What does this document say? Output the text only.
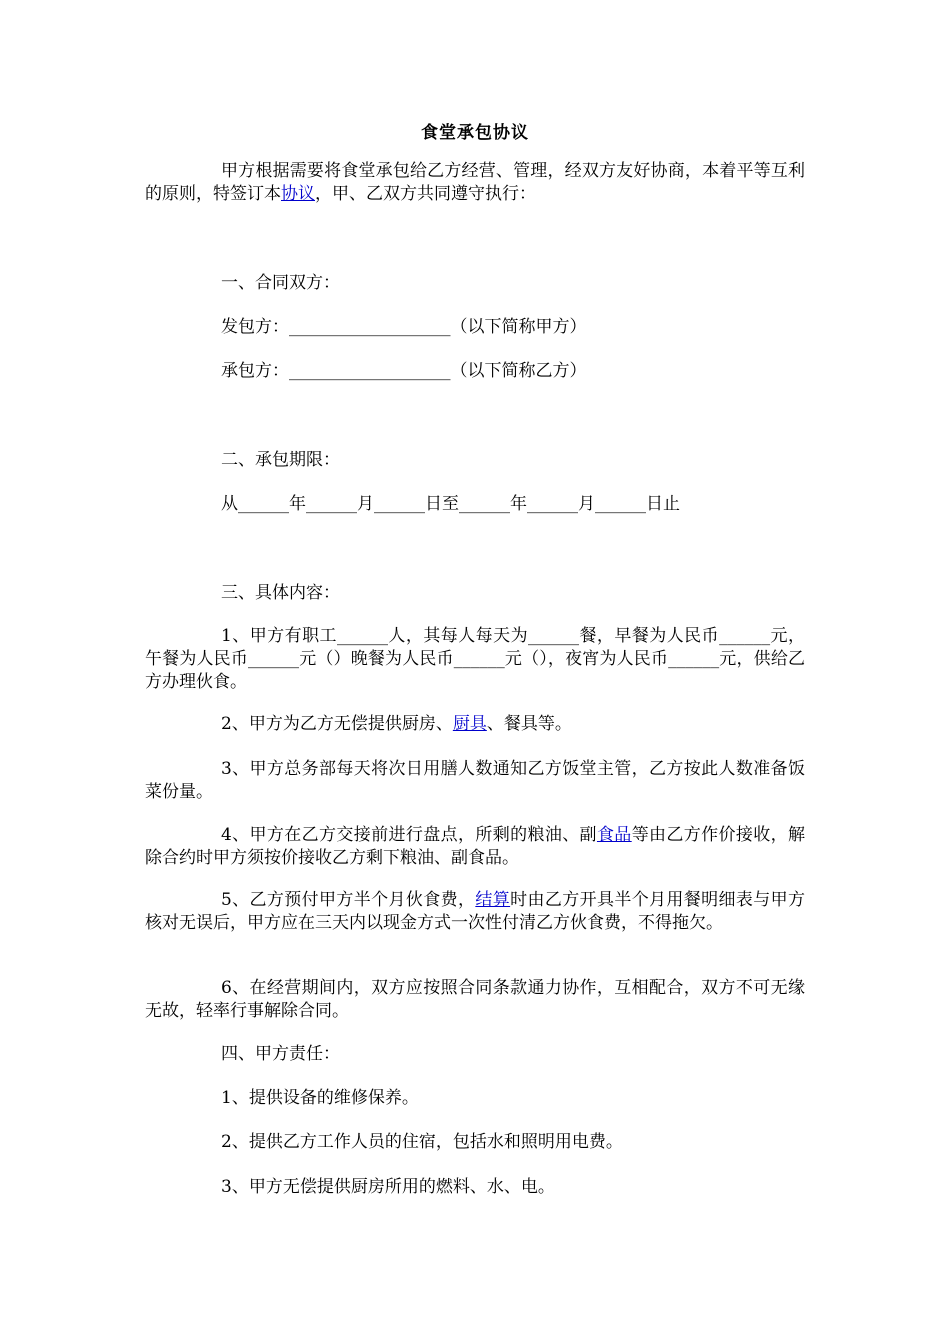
食堂承包协议
甲方根据需要将食堂承包给乙方经营、管理，经双方友好协商，本着平等互利的原则，特签订本协议，甲、乙双方共同遵守执行：
一、合同双方：
发包方：___________________（以下简称甲方）
承包方：___________________（以下简称乙方）
二、承包期限：
从______年______月______日至______年______月______日止
三、具体内容：
1、甲方有职工______人，其每人每天为______餐，早餐为人民币______元，午餐为人民币______元（）晚餐为人民币______元（），夜宵为人民币______元，供给乙方办理伙食。
2、甲方为乙方无偿提供厨房、厨具、餐具等。
3、甲方总务部每天将次日用膳人数通知乙方饭堂主管，乙方按此人数准备饭菜份量。
4、甲方在乙方交接前进行盘点，所剩的粮油、副食品等由乙方作价接收，解除合约时甲方须按价接收乙方剩下粮油、副食品。
5、乙方预付甲方半个月伙食费，结算时由乙方开具半个月用餐明细表与甲方核对无误后，甲方应在三天内以现金方式一次性付清乙方伙食费，不得拖欠。
6、在经营期间内，双方应按照合同条款通力协作，互相配合，双方不可无缘无故，轻率行事解除合同。
四、甲方责任：
1、提供设备的维修保养。
2、提供乙方工作人员的住宿，包括水和照明用电费。
3、甲方无偿提供厨房所用的燃料、水、电。
